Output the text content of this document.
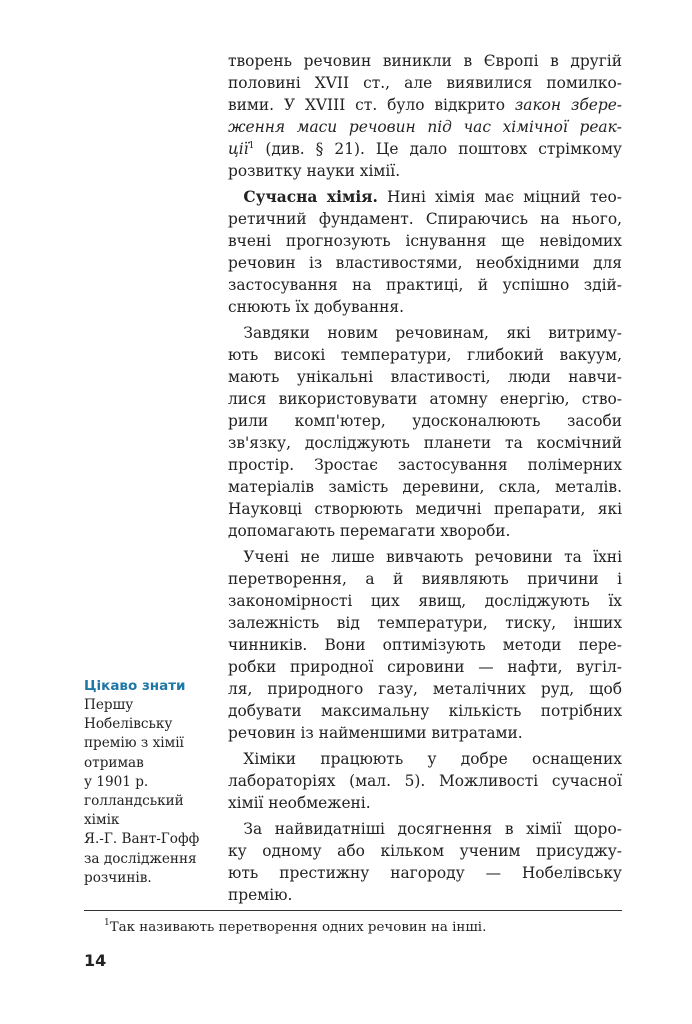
творень речовин виникли в Європі в другій
половині XVII ст., але виявилися помилко-
вими. У XVIII ст. було відкрито закон збере-
ження маси речовин під час хімічної реак-
ції$^1$ (див. § 21). Це дало поштовх стрімкому
розвитку науки хімії.
 Сучасна хімія. Нині хімія має міцний тео-
ретичний фундамент. Спираючись на нього,
вчені прогнозують існування ще невідомих
речовин із властивостями, необхідними для
застосування на практиці, й успішно здій-
снюють їх добування.
 Завдяки новим речовинам, які витриму-
ють високі температури, глибокий вакуум,
мають унікальні властивості, люди навчи-
лися використовувати атомну енергію, ство-
рили комп'ютер, удосконалюють засоби
зв'язку, досліджують планети та космічний
простір. Зростає застосування полімерних
матеріалів замість деревини, скла, металів.
Науковці створюють медичні препарати, які
допомагають перемагати хвороби.
 Учені не лише вивчають речовини та їхні
перетворення, а й виявляють причини і
закономірності цих явищ, досліджують їх
залежність від температури, тиску, інших
чинників. Вони оптимізують методи пере-
робки природної сировини — нафти, вугіл-
ля, природного газу, металічних руд, щоб
добувати максимальну кількість потрібних
речовин із найменшими витратами.
 Хіміки працюють у добре оснащених
лабораторіях (мал. 5). Можливості сучасної
хімії необмежені.
 За найвидатніші досягнення в хімії щоро-
ку одному або кільком ученим присуджу-
ють престижну нагороду — Нобелівську
премію.
Цікаво знати
Першу
Нобелівську
премію з хімії
отримав
у 1901 р.
голландський
хімік
Я.-Г. Вант-Гофф
за дослідження
розчинів.
$^1$Так називають перетворення одних речовин на інші.
14
